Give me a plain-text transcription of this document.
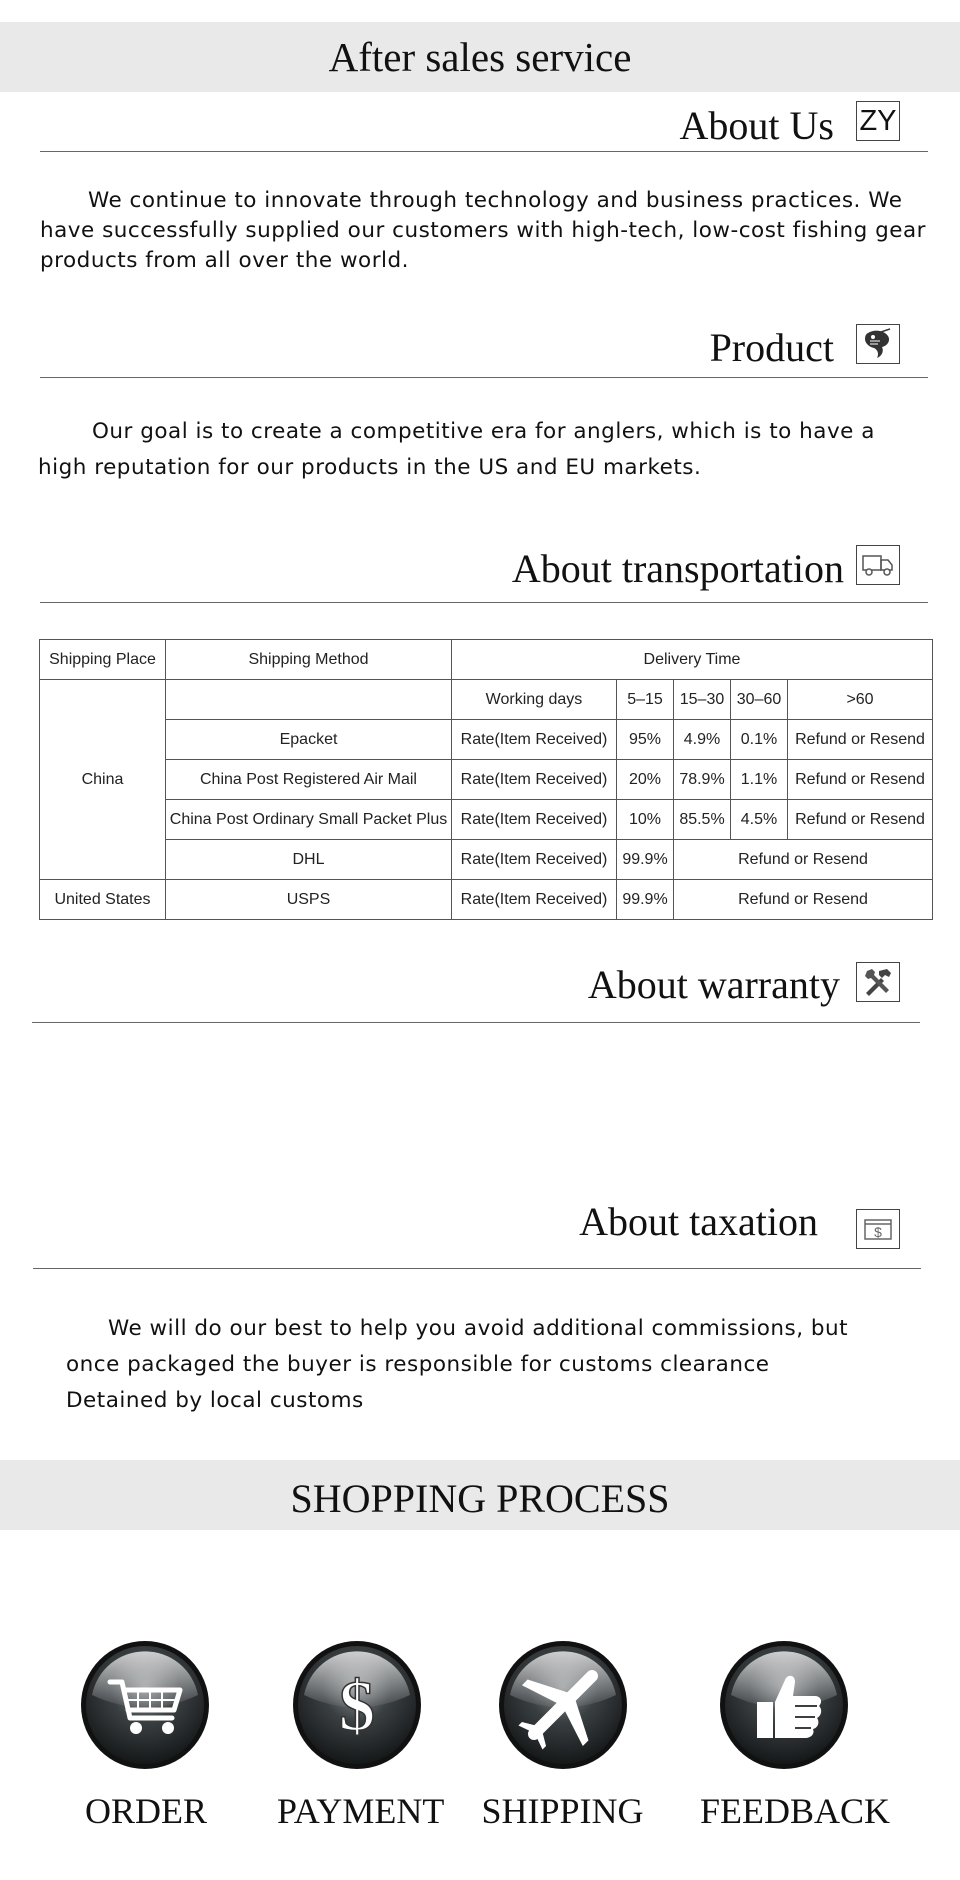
After sales service
About Us ZY

We continue to innovate through technology and business practices. We have successfully supplied our customers with high-tech, low-cost fishing gear products from all over the world.

Product

Our goal is to create a competitive era for anglers, which is to have a high reputation for our products in the US and EU markets.

About transportation
Shipping Place	Shipping Method	Delivery Time				
China		Working days	5–15	15–30	30–60	>60
	Epacket	Rate(Item Received)	95%	4.9%	0.1%	Refund or Resend
	China Post Registered Air Mail	Rate(Item Received)	20%	78.9%	1.1%	Refund or Resend
	China Post Ordinary Small Packet Plus	Rate(Item Received)	10%	85.5%	4.5%	Refund or Resend
	DHL	Rate(Item Received)	99.9%	Refund or Resend		
United States	USPS	Rate(Item Received)	99.9%	Refund or Resend		
About warranty
About taxation	$

We will do our best to help you avoid additional commissions, but once packaged the buyer is responsible for customs clearance

Detained by local customs

SHOPPING PROCESS
ORDER
$
PAYMENT SHIPPING FEEDBACK
